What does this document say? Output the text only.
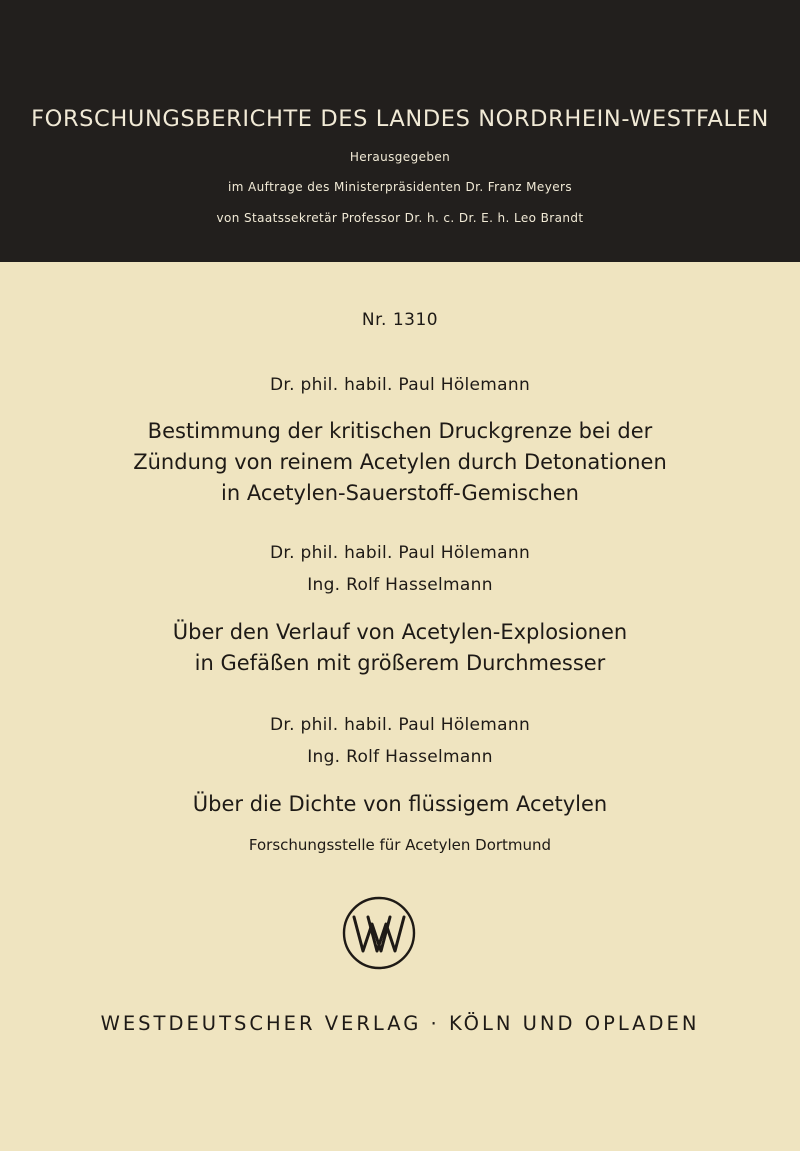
FORSCHUNGSBERICHTE DES LANDES NORDRHEIN-WESTFALEN
Herausgegeben
im Auftrage des Ministerpräsidenten Dr. Franz Meyers
von Staatssekretär Professor Dr. h. c. Dr. E. h. Leo Brandt
Nr. 1310
Dr. phil. habil. Paul Hölemann
Bestimmung der kritischen Druckgrenze bei der
Zündung von reinem Acetylen durch Detonationen
in Acetylen-Sauerstoff-Gemischen
Dr. phil. habil. Paul Hölemann
Ing. Rolf Hasselmann
Über den Verlauf von Acetylen-Explosionen
in Gefäßen mit größerem Durchmesser
Dr. phil. habil. Paul Hölemann
Ing. Rolf Hasselmann
Über die Dichte von flüssigem Acetylen
Forschungsstelle für Acetylen Dortmund
WESTDEUTSCHER VERLAG · KÖLN UND OPLADEN
